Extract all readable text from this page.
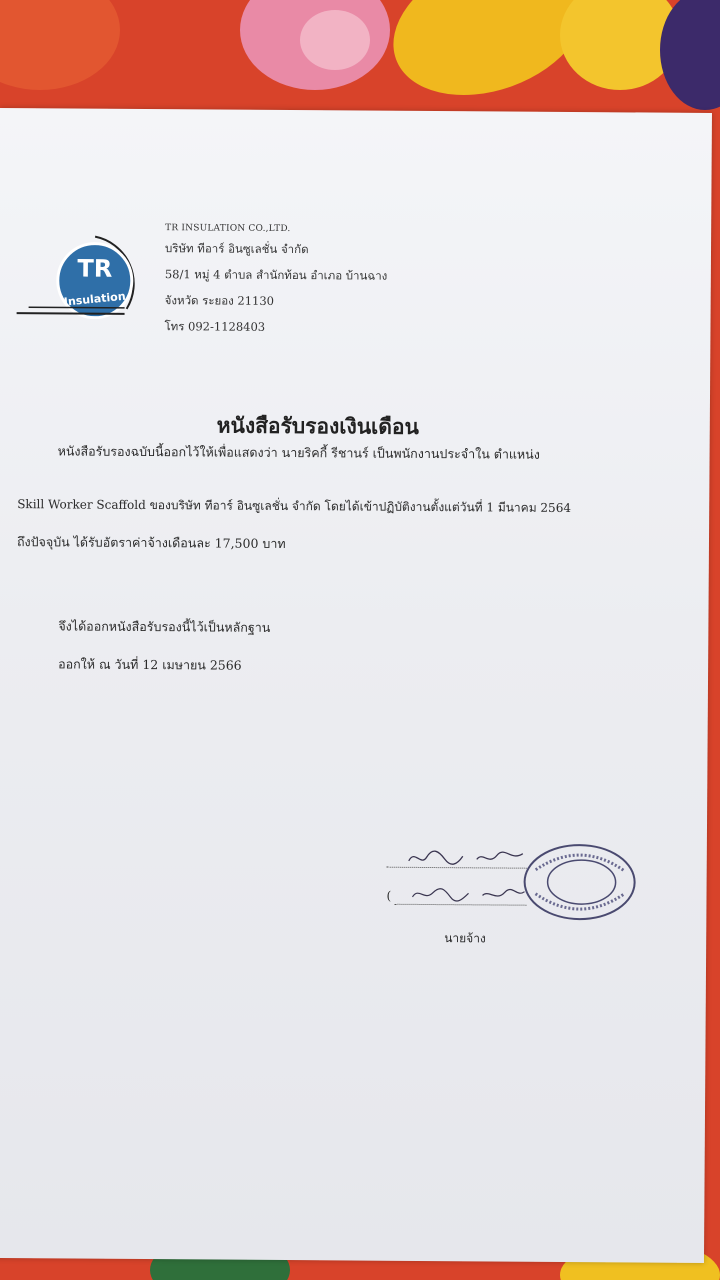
TR
Insulation
TR INSULATION CO.,LTD.
บริษัท ทีอาร์ อินซูเลชั่น จำกัด
58/1 หมู่ 4 ตำบล สำนักท้อน อำเภอ บ้านฉาง
จังหวัด ระยอง 21130
โทร 092-1128403
หนังสือรับรองเงินเดือน
หนังสือรับรองฉบับนี้ออกไว้ให้เพื่อแสดงว่า นายริคกี้ รีชานร์ เป็นพนักงานประจำใน ตำแหน่ง
Skill Worker Scaffold ของบริษัท ทีอาร์ อินซูเลชั่น จำกัด โดยได้เข้าปฏิบัติงานตั้งแต่วันที่ 1 มีนาคม 2564
ถึงปัจจุบัน ได้รับอัตราค่าจ้างเดือนละ 17,500 บาท
จึงได้ออกหนังสือรับรองนี้ไว้เป็นหลักฐาน
ออกให้ ณ วันที่ 12 เมษายน 2566
(
นายจ้าง
